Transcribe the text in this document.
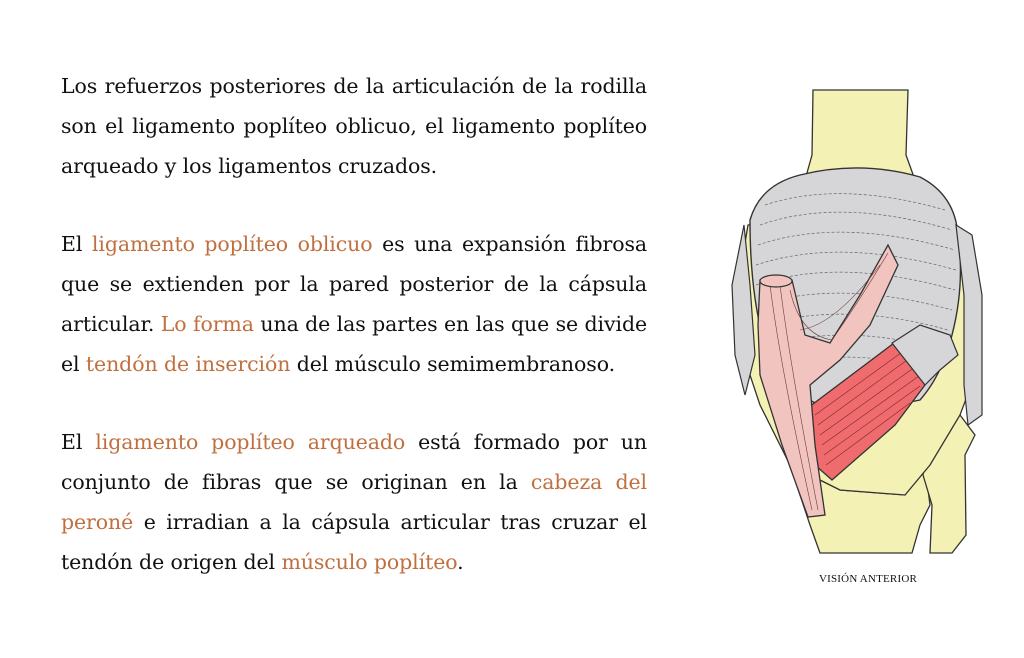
Los refuerzos posteriores de la articulación de la rodilla son el ligamento poplíteo oblicuo, el ligamento poplíteo arqueado y los ligamentos cruzados.

El ligamento poplíteo oblicuo es una expansión fibrosa que se extienden por la pared posterior de la cápsula articular. Lo forma una de las partes en las que se divide el tendón de inserción del músculo semimembranoso.

El ligamento poplíteo arqueado está formado por un conjunto de fibras que se originan en la cabeza del peroné e irradian a la cápsula articular tras cruzar el tendón de origen del músculo poplíteo.

VISIÓN ANTERIOR
